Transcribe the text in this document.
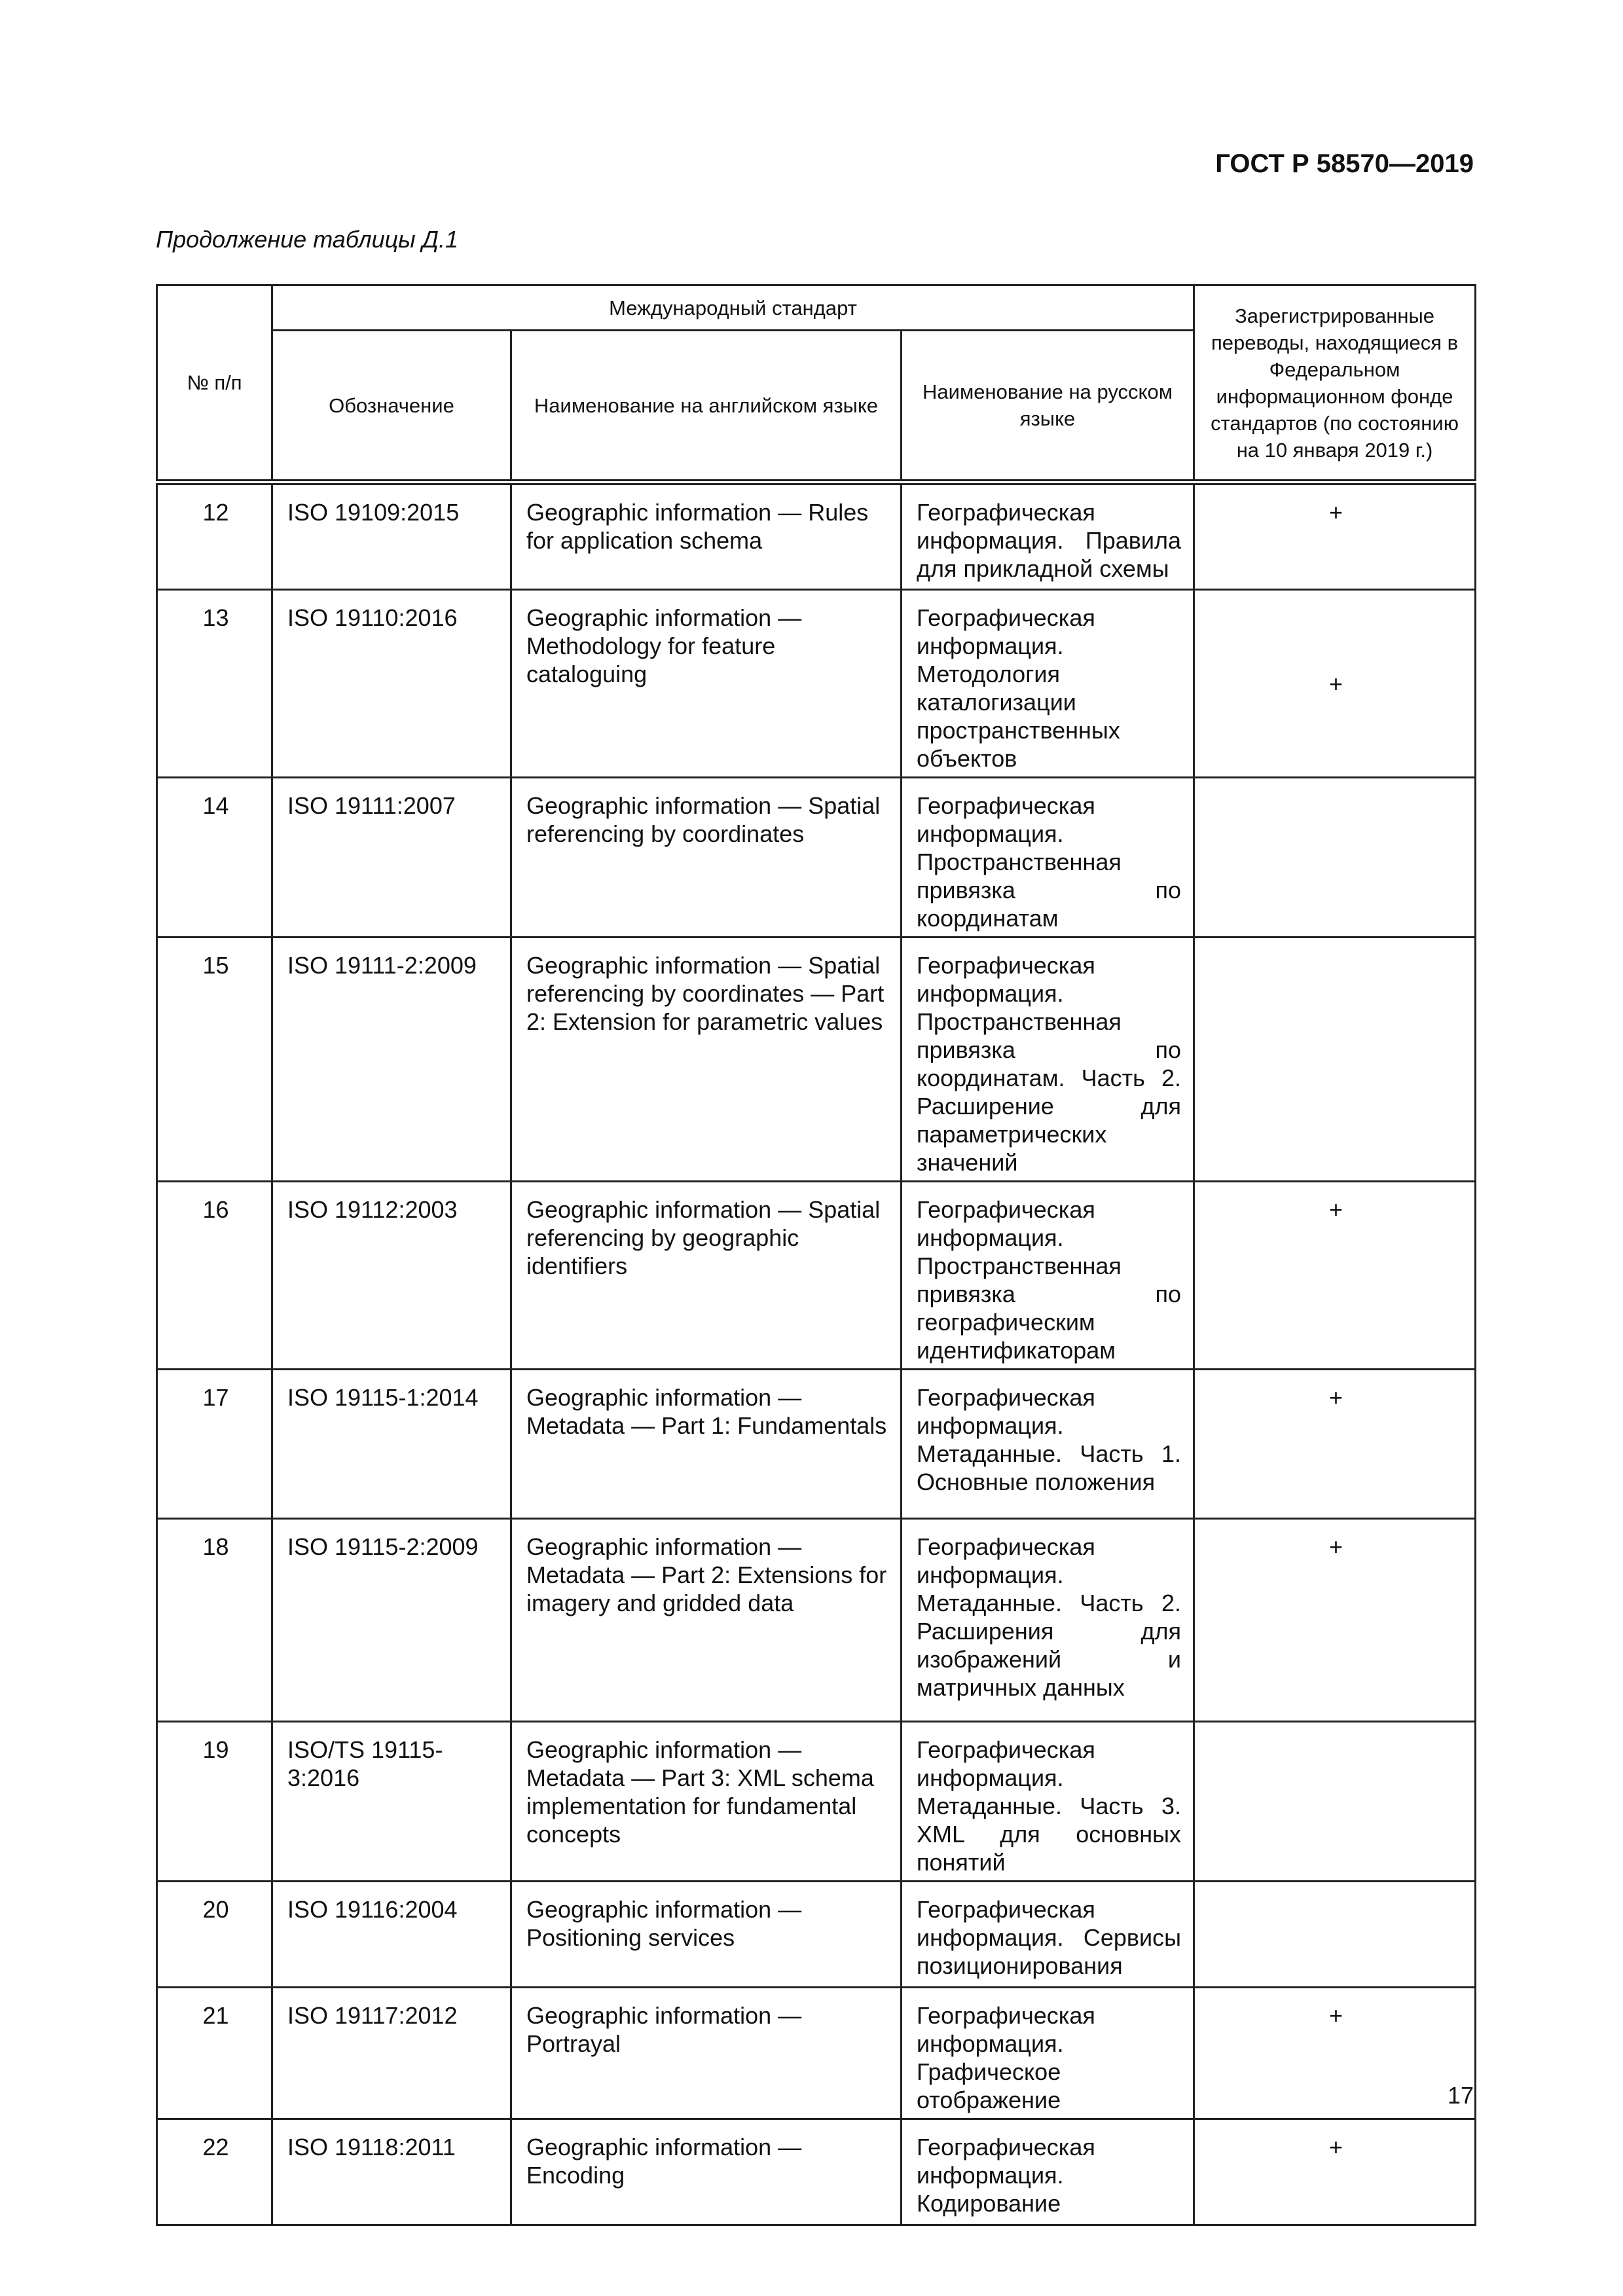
ГОСТ Р 58570—2019
Продолжение таблицы Д.1
№ п/п	Международный стандарт			Зарегистрированные переводы, находящиеся в Федеральном информационном фонде стандартов (по состоянию на 10 января 2019 г.)
	Обозначение	Наименование на английском языке	Наименование на русском языке	
12	ISO 19109:2015	Geographic information — Rules for application schema	Географическая информация. Правила для прикладной схемы	+
13	ISO 19110:2016	Geographic information — Methodology for feature cataloguing	Географическая информация. Методология каталогизации пространственных объектов	+
14	ISO 19111:2007	Geographic information — Spatial referencing by coordinates	Географическая информация. Пространственная привязка по координатам	
15	ISO 19111-2:2009	Geographic information — Spatial referencing by coordinates — Part 2: Extension for parametric values	Географическая информация. Пространственная привязка по координатам. Часть 2. Расширение для параметрических значений	
16	ISO 19112:2003	Geographic information — Spatial referencing by geographic identifiers	Географическая информация. Пространственная привязка по географическим идентификаторам	+
17	ISO 19115-1:2014	Geographic information — Metadata — Part 1: Fundamentals	Географическая информация. Метаданные. Часть 1. Основные положения	+
18	ISO 19115-2:2009	Geographic information — Metadata — Part 2: Extensions for imagery and gridded data	Географическая информация. Метаданные. Часть 2. Расширения для изображений и матричных данных	+
19	ISO/TS 19115-3:2016	Geographic information — Metadata — Part 3: XML schema implementation for fundamental concepts	Географическая информация. Метаданные. Часть 3. XML для основных понятий	
20	ISO 19116:2004	Geographic information — Positioning services	Географическая информация. Сервисы позиционирования	
21	ISO 19117:2012	Geographic information — Portrayal	Географическая информация. Графическое отображение	+
22	ISO 19118:2011	Geographic information — Encoding	Географическая информация. Кодирование	+
17
